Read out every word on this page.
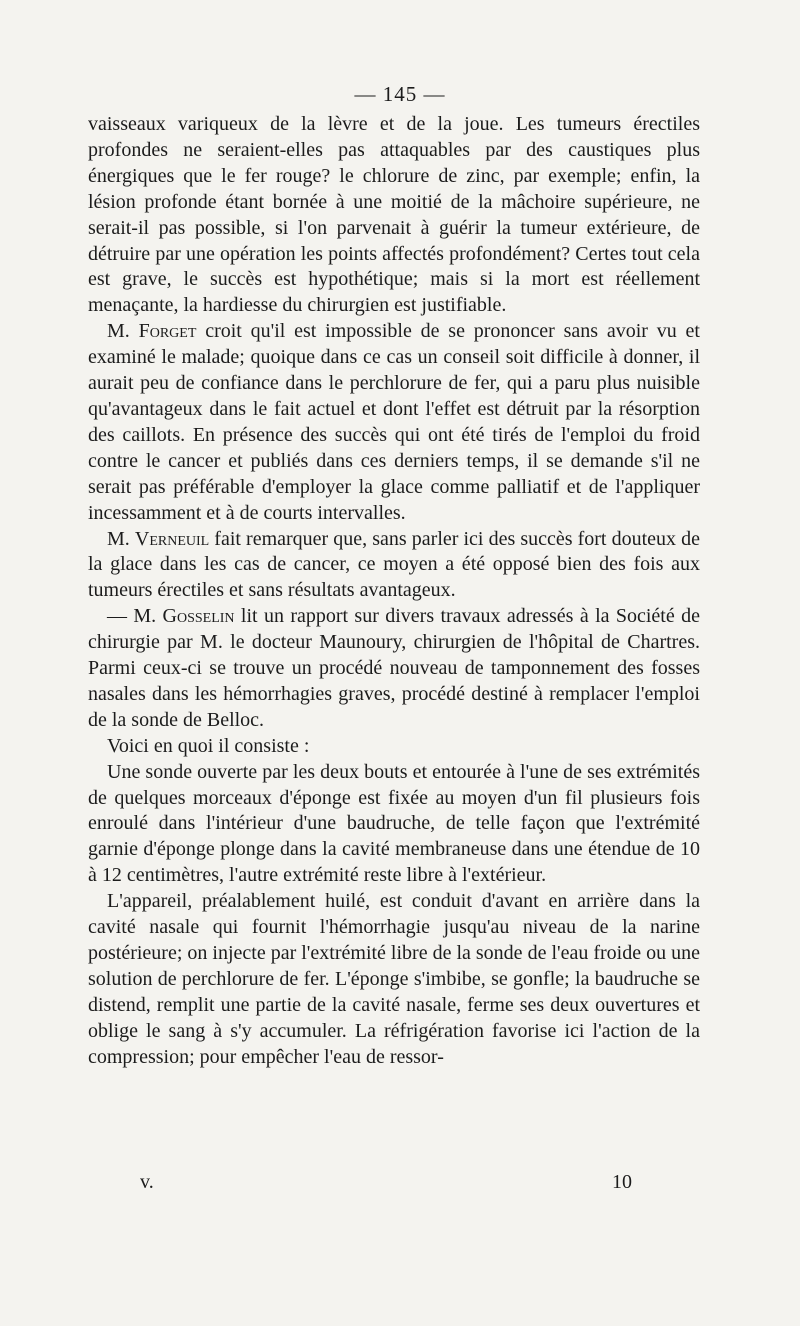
— 145 —

vaisseaux variqueux de la lèvre et de la joue. Les tumeurs érectiles profondes ne seraient-elles pas attaquables par des caustiques plus énergiques que le fer rouge? le chlorure de zinc, par exemple; enfin, la lésion profonde étant bornée à une moitié de la mâchoire supérieure, ne serait-il pas possible, si l'on parvenait à guérir la tumeur extérieure, de détruire par une opération les points affectés profondément? Certes tout cela est grave, le succès est hypothétique; mais si la mort est réellement menaçante, la hardiesse du chirurgien est justifiable.

M. Forget croit qu'il est impossible de se prononcer sans avoir vu et examiné le malade; quoique dans ce cas un conseil soit difficile à donner, il aurait peu de confiance dans le perchlorure de fer, qui a paru plus nuisible qu'avantageux dans le fait actuel et dont l'effet est détruit par la résorption des caillots. En présence des succès qui ont été tirés de l'emploi du froid contre le cancer et publiés dans ces derniers temps, il se demande s'il ne serait pas préférable d'employer la glace comme palliatif et de l'appliquer incessamment et à de courts intervalles.

M. Verneuil fait remarquer que, sans parler ici des succès fort douteux de la glace dans les cas de cancer, ce moyen a été opposé bien des fois aux tumeurs érectiles et sans résultats avantageux.

— M. Gosselin lit un rapport sur divers travaux adressés à la Société de chirurgie par M. le docteur Maunoury, chirurgien de l'hôpital de Chartres. Parmi ceux-ci se trouve un procédé nouveau de tamponnement des fosses nasales dans les hémorrhagies graves, procédé destiné à remplacer l'emploi de la sonde de Belloc.

Voici en quoi il consiste :

Une sonde ouverte par les deux bouts et entourée à l'une de ses extrémités de quelques morceaux d'éponge est fixée au moyen d'un fil plusieurs fois enroulé dans l'intérieur d'une baudruche, de telle façon que l'extrémité garnie d'éponge plonge dans la cavité membraneuse dans une étendue de 10 à 12 centimètres, l'autre extrémité reste libre à l'extérieur.

L'appareil, préalablement huilé, est conduit d'avant en arrière dans la cavité nasale qui fournit l'hémorrhagie jusqu'au niveau de la narine postérieure; on injecte par l'extrémité libre de la sonde de l'eau froide ou une solution de perchlorure de fer. L'éponge s'imbibe, se gonfle; la baudruche se distend, remplit une partie de la cavité nasale, ferme ses deux ouvertures et oblige le sang à s'y accumuler. La réfrigération favorise ici l'action de la compression; pour empêcher l'eau de ressor-

v.	10
